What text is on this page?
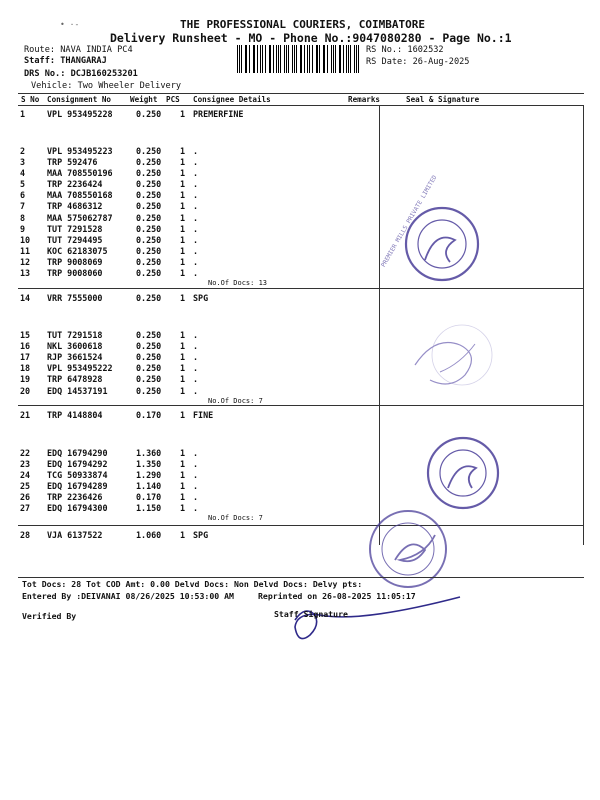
THE PROFESSIONAL COURIERS, COIMBATORE
Delivery Runsheet - MO - Phone No.:9047080280 - Page No.:1
• ·-
Route: NAVA INDIA PC4
Staff: THANGARAJ
DRS No.: DCJB160253201
Vehicle: Two Wheeler Delivery
RS No.: 1602532
RS Date: 26-Aug-2025
S No Consignment No Weight PCS Consignee Details	Remarks	Seal & Signature
1	VPL 953495228	0.250 1 PREMERFINE
2	VPL 953495223	0.250 1 .
3	TRP 592476	0.250 1 .
4	MAA 708550196	0.250 1 .
5	TRP 2236424	0.250 1 .
6	MAA 708550168	0.250 1 .
7	TRP 4686312	0.250 1 .
8	MAA 575062787	0.250 1 .
9	TUT 7291528	0.250 1 .
10 TUT 7294495	0.250 1 .
11 KOC 62183075	0.250 1 .
12 TRP 9008069	0.250 1 .
13 TRP 9008060	0.250 1 .
No.Of Docs: 13
14 VRR 7555000	0.250 1 SPG
15 TUT 7291518	0.250 1 .
16 NKL 3600618	0.250 1 .
17 RJP 3661524	0.250 1 .
18 VPL 953495222	0.250 1 .
19 TRP 6478928	0.250 1 .
20 EDQ 14537191	0.250 1 .
No.Of Docs: 7
21 TRP 4148804	0.170 1 FINE
22 EDQ 16794290	1.360 1 .
23 EDQ 16794292	1.350 1 .
24 TCG 50933874	1.290 1 .
25 EDQ 16794289	1.140 1 .
26 TRP 2236426	0.170 1 .
27 EDQ 16794300	1.150 1 .
No.Of Docs: 7
28 VJA 6137522	1.060 1 SPG
PREMIER MILLS PRIVATE LIMITED
Tot Docs: 28 Tot COD Amt: 0.00 Delvd Docs: Non Delvd Docs: Delvy pts:
Entered By :DEIVANAI 08/26/2025 10:53:00 AM	Reprinted on 26-08-2025 11:05:17
Verified By	Staff Signature
